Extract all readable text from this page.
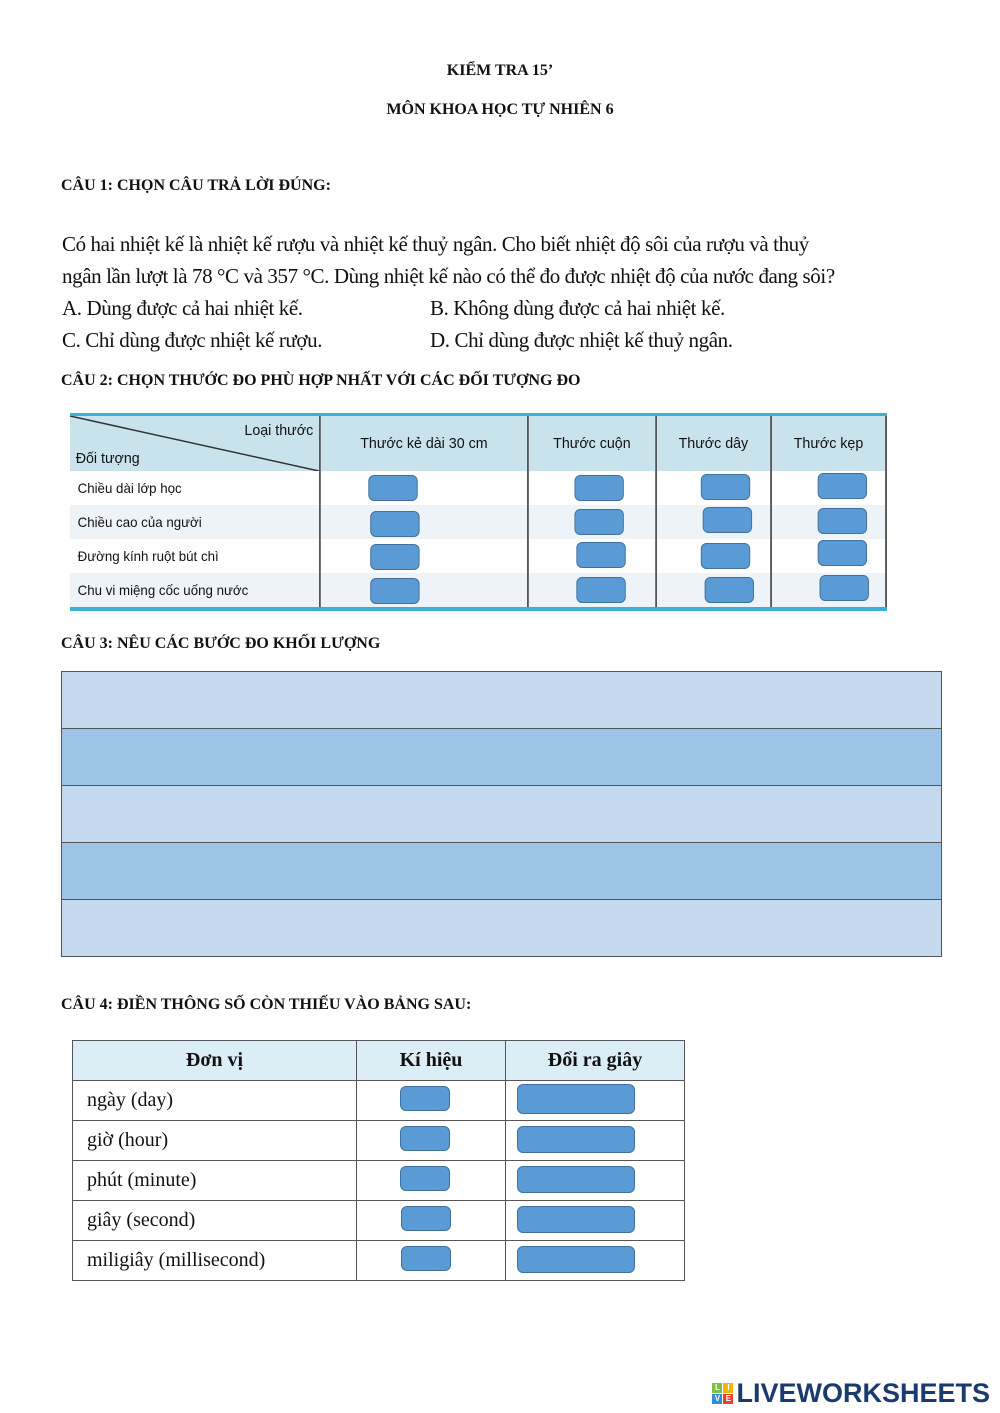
KIỂM TRA 15’
MÔN KHOA HỌC TỰ NHIÊN 6
CÂU 1: CHỌN CÂU TRẢ LỜI ĐÚNG:
Có hai nhiệt kế là nhiệt kế rượu và nhiệt kế thuỷ ngân. Cho biết nhiệt độ sôi của rượu và thuỷ
ngân lần lượt là 78 °C và 357 °C. Dùng nhiệt kế nào có thể đo được nhiệt độ của nước đang sôi?
A. Dùng được cả hai nhiệt kế.	B. Không dùng được cả hai nhiệt kế.
C. Chỉ dùng được nhiệt kế rượu.	D. Chỉ dùng được nhiệt kế thuỷ ngân.
CÂU 2: CHỌN THƯỚC ĐO PHÙ HỢP NHẤT VỚI CÁC ĐỐI TƯỢNG ĐO
Loại thước
Đối tượng	Thước kẻ dài 30 cm	Thước cuộn	Thước dây	Thước kẹp
Chiều dài lớp học	

Chiều cao của người	

Đường kính ruột bút chì	

Chu vi miệng cốc uống nước	

CÂU 3: NÊU CÁC BƯỚC ĐO KHỐI LƯỢNG
CÂU 4: ĐIỀN THÔNG SỐ CÒN THIẾU VÀO BẢNG SAU:
Đơn vị	Kí hiệu	Đổi ra giây
ngày (day)	

giờ (hour)	

phút (minute)	

giây (second)	

miligiây (millisecond)	

L I
V E LIVEWORKSHEETS
